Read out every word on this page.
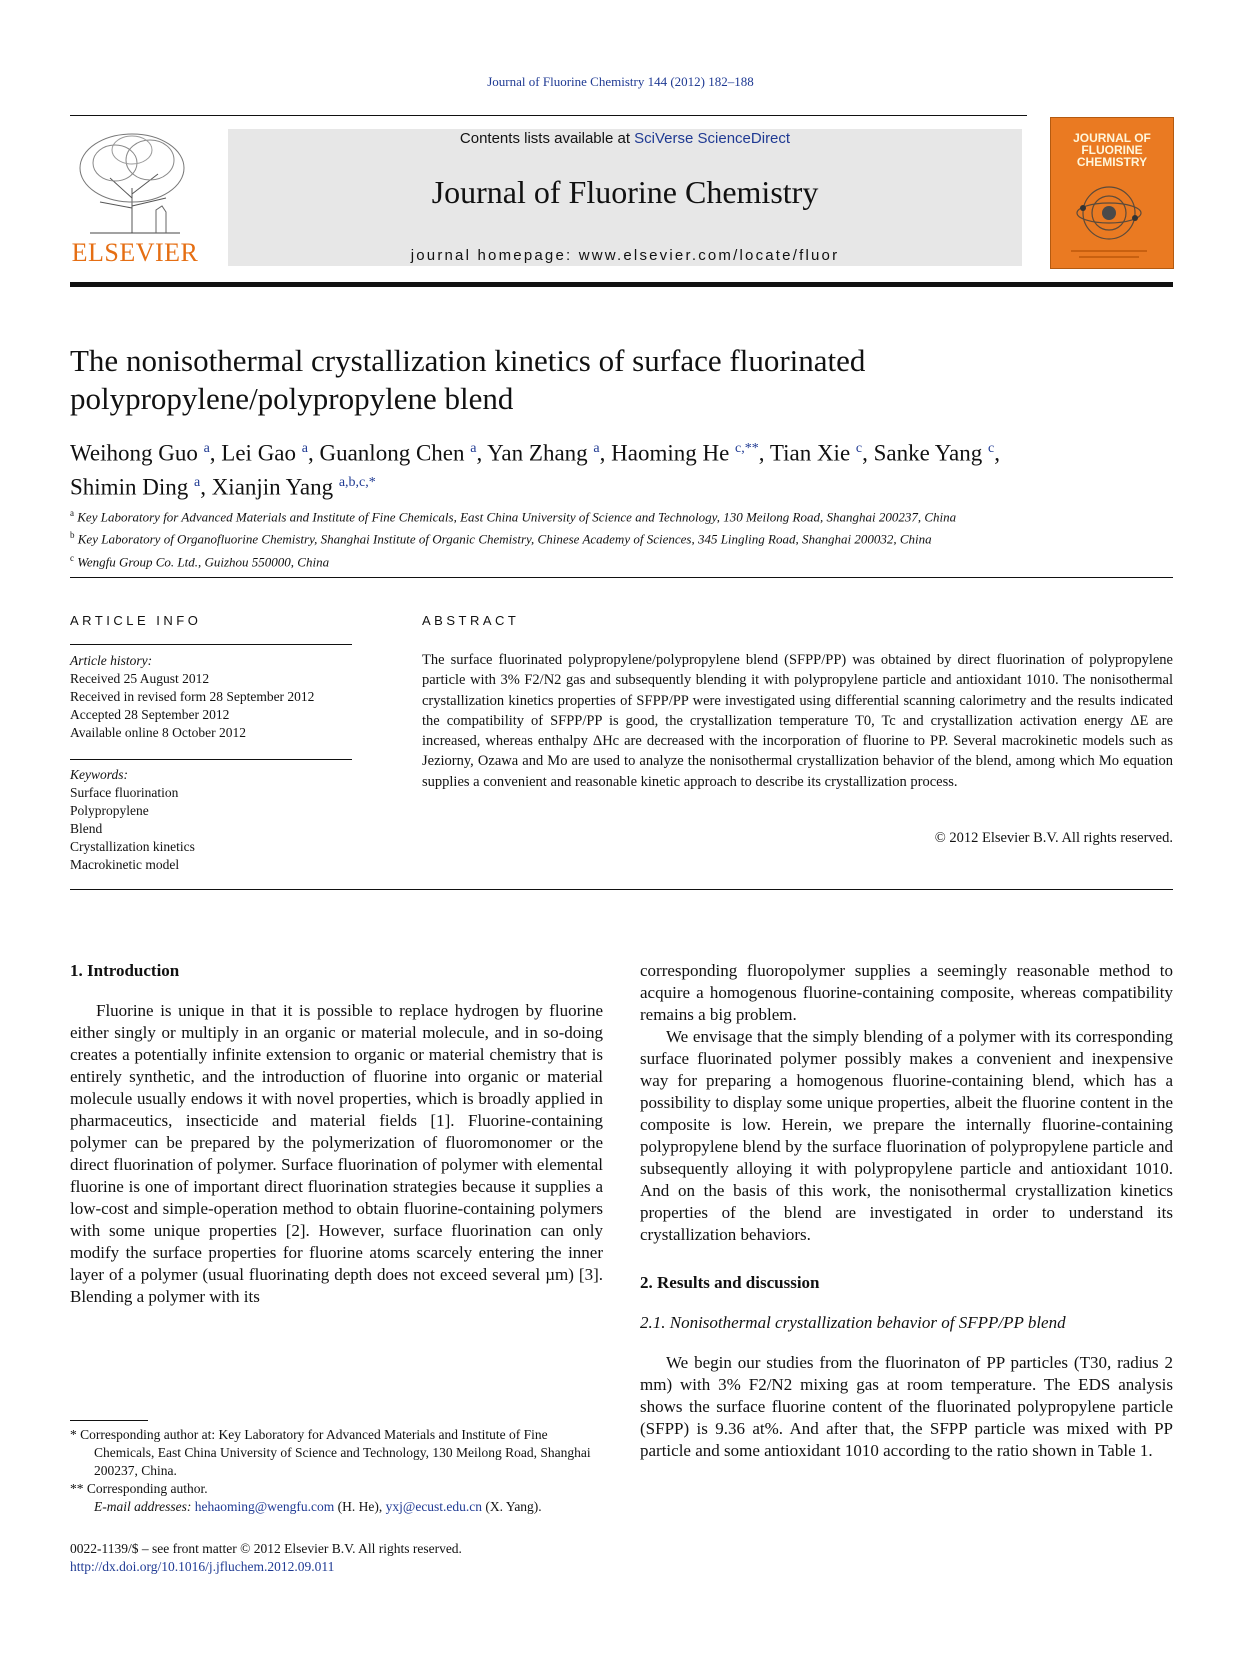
Journal of Fluorine Chemistry 144 (2012) 182–188
ELSEVIER
Contents lists available at SciVerse ScienceDirect
Journal of Fluorine Chemistry
journal homepage: www.elsevier.com/locate/fluor
JOURNAL OF FLUORINE CHEMISTRY
The nonisothermal crystallization kinetics of surface fluorinated polypropylene/polypropylene blend
Weihong Guo $^a$, Lei Gao $^a$, Guanlong Chen $^a$, Yan Zhang $^a$, Haoming He $^{c,**}$, Tian Xie $^c$, Sanke Yang $^c$,
Shimin Ding $^a$, Xianjin Yang $^{a,b,c,*}$
$^a$ Key Laboratory for Advanced Materials and Institute of Fine Chemicals, East China University of Science and Technology, 130 Meilong Road, Shanghai 200237, China
$^b$ Key Laboratory of Organofluorine Chemistry, Shanghai Institute of Organic Chemistry, Chinese Academy of Sciences, 345 Lingling Road, Shanghai 200032, China
$^c$ Wengfu Group Co. Ltd., Guizhou 550000, China
ARTICLE INFO
Article history:
Received 25 August 2012
Received in revised form 28 September 2012
Accepted 28 September 2012
Available online 8 October 2012
Keywords:
Surface fluorination
Polypropylene
Blend
Crystallization kinetics
Macrokinetic model
ABSTRACT
The surface fluorinated polypropylene/polypropylene blend (SFPP/PP) was obtained by direct fluorination of polypropylene particle with 3% F2/N2 gas and subsequently blending it with polypropylene particle and antioxidant 1010. The nonisothermal crystallization kinetics properties of SFPP/PP were investigated using differential scanning calorimetry and the results indicated the compatibility of SFPP/PP is good, the crystallization temperature T0, Tc and crystallization activation energy ΔE are increased, whereas enthalpy ΔHc are decreased with the incorporation of fluorine to PP. Several macrokinetic models such as Jeziorny, Ozawa and Mo are used to analyze the nonisothermal crystallization behavior of the blend, among which Mo equation supplies a convenient and reasonable kinetic approach to describe its crystallization process.
© 2012 Elsevier B.V. All rights reserved.
1. Introduction

Fluorine is unique in that it is possible to replace hydrogen by fluorine either singly or multiply in an organic or material molecule, and in so-doing creates a potentially infinite extension to organic or material chemistry that is entirely synthetic, and the introduction of fluorine into organic or material molecule usually endows it with novel properties, which is broadly applied in pharmaceutics, insecticide and material fields [1]. Fluorine-containing polymer can be prepared by the polymerization of fluoromonomer or the direct fluorination of polymer. Surface fluorination of polymer with elemental fluorine is one of important direct fluorination strategies because it supplies a low-cost and simple-operation method to obtain fluorine-containing polymers with some unique properties [2]. However, surface fluorination can only modify the surface properties for fluorine atoms scarcely entering the inner layer of a polymer (usual fluorinating depth does not exceed several µm) [3]. Blending a polymer with its

corresponding fluoropolymer supplies a seemingly reasonable method to acquire a homogenous fluorine-containing composite, whereas compatibility remains a big problem.

We envisage that the simply blending of a polymer with its corresponding surface fluorinated polymer possibly makes a convenient and inexpensive way for preparing a homogenous fluorine-containing blend, which has a possibility to display some unique properties, albeit the fluorine content in the composite is low. Herein, we prepare the internally fluorine-containing polypropylene blend by the surface fluorination of polypropylene particle and subsequently alloying it with polypropylene particle and antioxidant 1010. And on the basis of this work, the nonisothermal crystallization kinetics properties of the blend are investigated in order to understand its crystallization behaviors.

2. Results and discussion
2.1. Nonisothermal crystallization behavior of SFPP/PP blend

We begin our studies from the fluorinaton of PP particles (T30, radius 2 mm) with 3% F2/N2 mixing gas at room temperature. The EDS analysis shows the surface fluorine content of the fluorinated polypropylene particle (SFPP) is 9.36 at%. And after that, the SFPP particle was mixed with PP particle and some antioxidant 1010 according to the ratio shown in Table 1.

* Corresponding author at: Key Laboratory for Advanced Materials and Institute of Fine Chemicals, East China University of Science and Technology, 130 Meilong Road, Shanghai 200237, China.
** Corresponding author.
E-mail addresses: hehaoming@wengfu.com (H. He), yxj@ecust.edu.cn (X. Yang).
0022-1139/$ – see front matter © 2012 Elsevier B.V. All rights reserved.
http://dx.doi.org/10.1016/j.jfluchem.2012.09.011
